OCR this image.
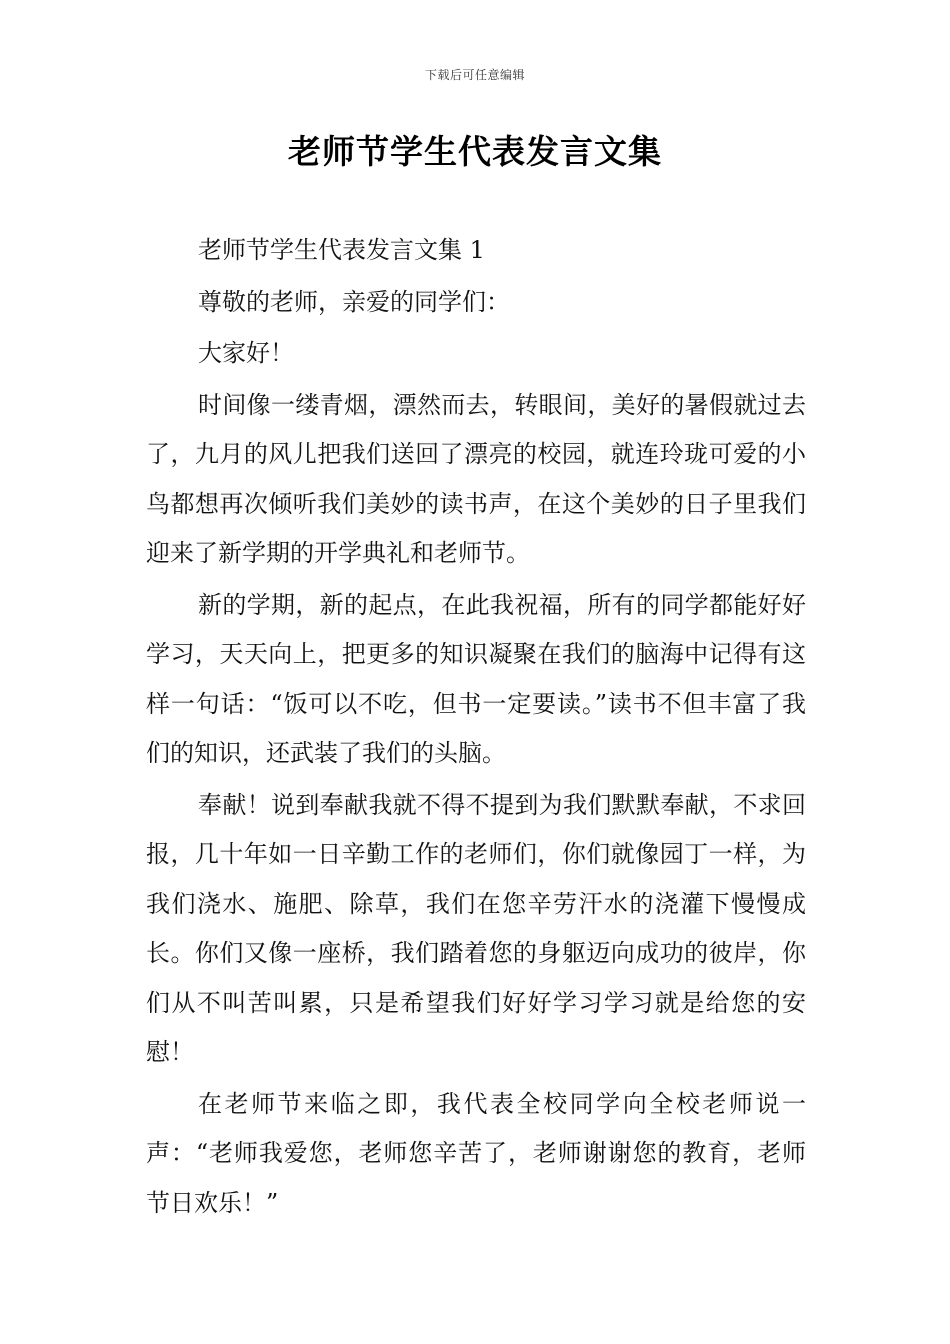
下载后可任意编辑
老师节学生代表发言文集

老师节学生代表发言文集 1

尊敬的老师，亲爱的同学们：

大家好！

时间像一缕青烟，漂然而去，转眼间，美好的暑假就过去了，九月的风儿把我们送回了漂亮的校园，就连玲珑可爱的小鸟都想再次倾听我们美妙的读书声，在这个美妙的日子里我们迎来了新学期的开学典礼和老师节。

新的学期，新的起点，在此我祝福，所有的同学都能好好学习，天天向上，把更多的知识凝聚在我们的脑海中记得有这样一句话：“饭可以不吃，但书一定要读。”读书不但丰富了我们的知识，还武装了我们的头脑。

奉献！说到奉献我就不得不提到为我们默默奉献，不求回报，几十年如一日辛勤工作的老师们，你们就像园丁一样，为我们浇水、施肥、除草，我们在您辛劳汗水的浇灌下慢慢成长。你们又像一座桥，我们踏着您的身躯迈向成功的彼岸，你们从不叫苦叫累，只是希望我们好好学习学习就是给您的安慰！

在老师节来临之即，我代表全校同学向全校老师说一声：“老师我爱您，老师您辛苦了，老师谢谢您的教育，老师节日欢乐！”
